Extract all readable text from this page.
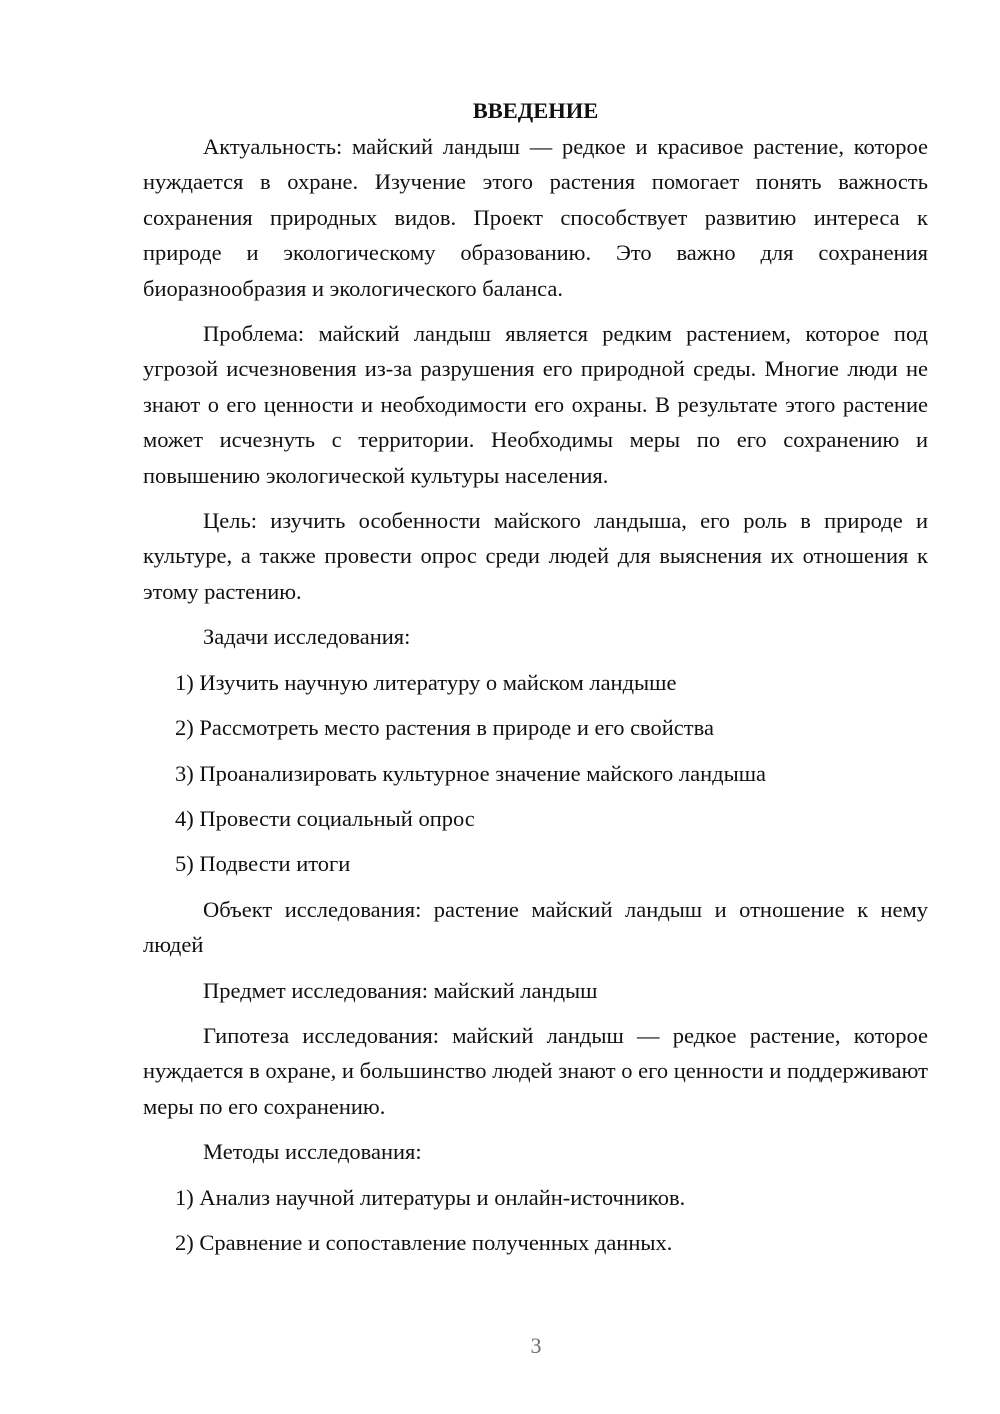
ВВЕДЕНИЕ

Актуальность: майский ландыш — редкое и красивое растение, которое нуждается в охране. Изучение этого растения помогает понять важность сохранения природных видов. Проект способствует развитию интереса к природе и экологическому образованию. Это важно для сохранения биоразнообразия и экологического баланса.

Проблема: майский ландыш является редким растением, которое под угрозой исчезновения из-за разрушения его природной среды. Многие люди не знают о его ценности и необходимости его охраны. В результате этого растение может исчезнуть с территории. Необходимы меры по его сохранению и повышению экологической культуры населения.

Цель: изучить особенности майского ландыша, его роль в природе и культуре, а также провести опрос среди людей для выяснения их отношения к этому растению.

Задачи исследования:

1) Изучить научную литературу о майском ландыше
2) Рассмотреть место растения в природе и его свойства
3) Проанализировать культурное значение майского ландыша
4) Провести социальный опрос
5) Подвести итоги

Объект исследования: растение майский ландыш и отношение к нему людей

Предмет исследования: майский ландыш

Гипотеза исследования: майский ландыш — редкое растение, которое нуждается в охране, и большинство людей знают о его ценности и поддерживают меры по его сохранению.

Методы исследования:

1) Анализ научной литературы и онлайн-источников.
2) Сравнение и сопоставление полученных данных.
3
